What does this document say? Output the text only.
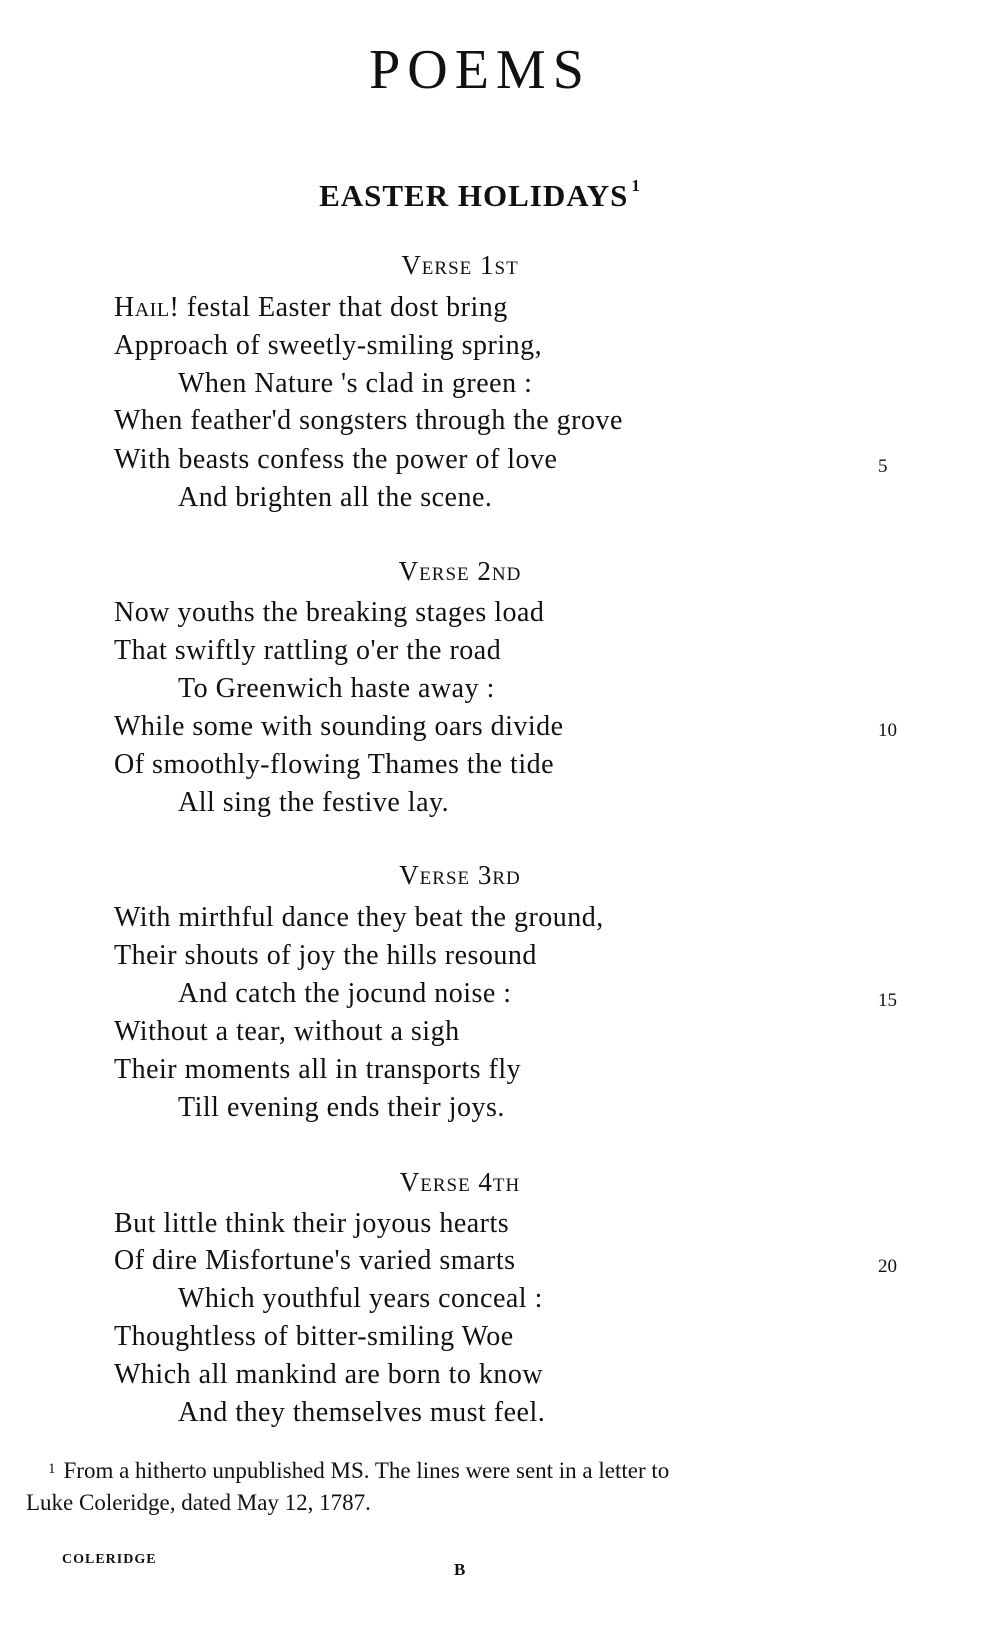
POEMS
EASTER HOLIDAYS $^1$
Verse 1st
Hail! festal Easter that dost bring
Approach of sweetly-smiling spring,
When Nature 's clad in green :
When feather'd songsters through the grove
With beasts confess the power of love	5
And brighten all the scene.
Verse 2nd
Now youths the breaking stages load
That swiftly rattling o'er the road
To Greenwich haste away :
While some with sounding oars divide	10
Of smoothly-flowing Thames the tide
All sing the festive lay.
Verse 3rd
With mirthful dance they beat the ground,
Their shouts of joy the hills resound
And catch the jocund noise :	15
Without a tear, without a sigh
Their moments all in transports fly
Till evening ends their joys.
Verse 4th
But little think their joyous hearts
Of dire Misfortune's varied smarts	20
Which youthful years conceal :
Thoughtless of bitter-smiling Woe
Which all mankind are born to know
And they themselves must feel.
$^1$ From a hitherto unpublished MS. The lines were sent in a letter to
Luke Coleridge, dated May 12, 1787.
COLERIDGE
B
